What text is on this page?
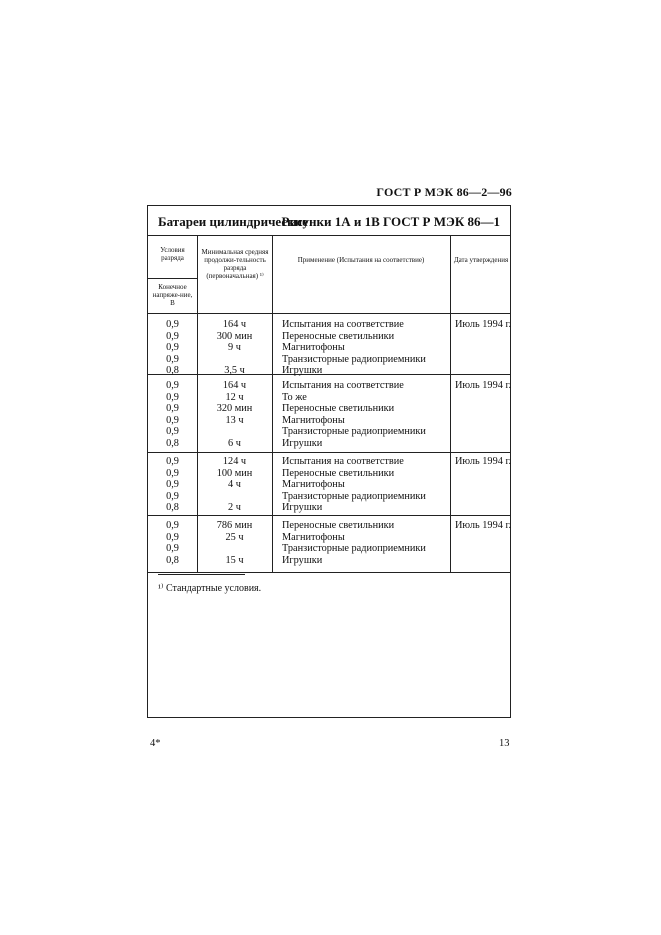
ГОСТ Р МЭК 86—2—96
Батареи цилиндрические
Рисунки 1А и 1В ГОСТ Р МЭК 86—1
Условия разряда
Конечное напряже-ние, В
Минимальная средняя продолжи-тельность разряда (первоначальная) ¹⁾
Применение (Испытания на соответствие)	Дата утверждения
0,9
0,9
0,9
0,9
0,8
164 ч
300 мин
9 ч
3,5 ч
Испытания на соответствие
Переносные светильники
Магнитофоны
Транзисторные радиоприемники
Игрушки
Июль 1994 г.
0,9
0,9
0,9
0,9
0,9
0,8
164 ч
12 ч
320 мин
13 ч
6 ч
Испытания на соответствие
То же
Переносные светильники
Магнитофоны
Транзисторные радиоприемники
Игрушки
Июль 1994 г.
0,9
0,9
0,9
0,9
0,8
124 ч
100 мин
4 ч
2 ч
Испытания на соответствие
Переносные светильники
Магнитофоны
Транзисторные радиоприемники
Игрушки
Июль 1994 г.
0,9
0,9
0,9
0,8
786 мин
25 ч
15 ч
Переносные светильники
Магнитофоны
Транзисторные радиоприемники
Игрушки
Июль 1994 г.
¹⁾ Стандартные условия.
4*	13
